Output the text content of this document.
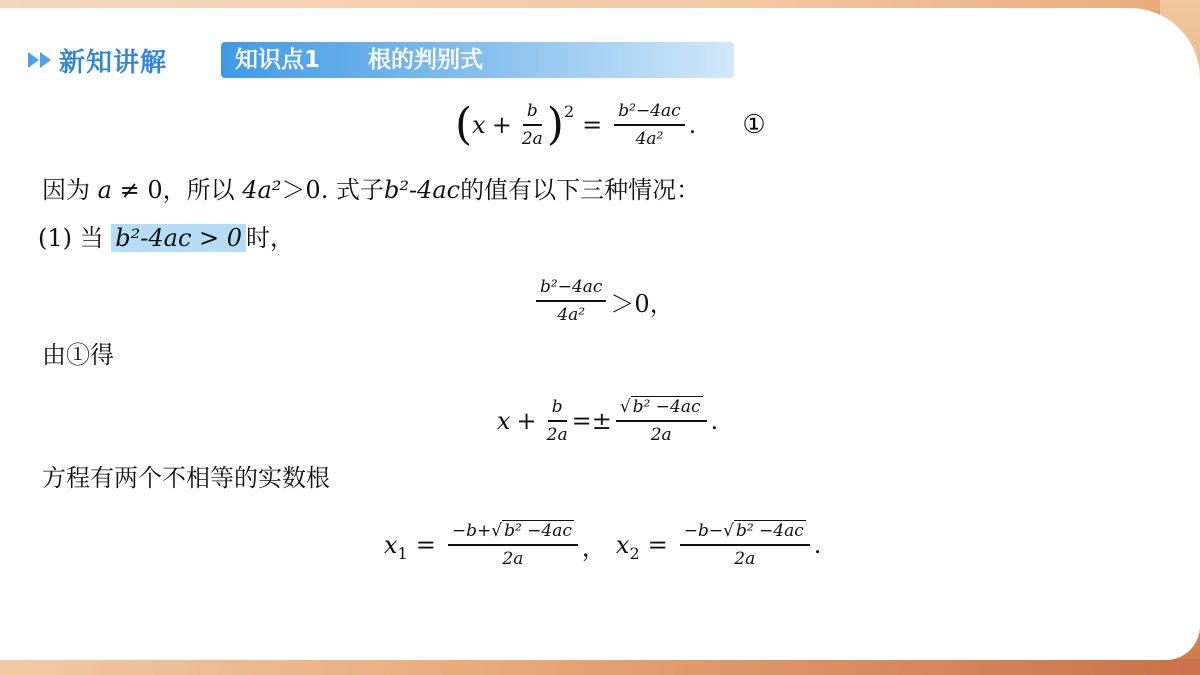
新知讲解	知识点1 根的判别式
( $x + \frac{b}{2a}$ ) $2 = \frac{\text{b²−4ac}}{\text{4a²}}$ . ①
因为 a ≠ 0，所以 4a²＞0. 式子b²-4ac的值有以下三种情况：
(1) 当 b²-4ac > 0 时，
$\frac{\text{b²−4ac}}{\text{4a²}} >0$，
由①得
$x + \frac{b}{2a} =\pm \frac{\text{√ b² −4ac}}{2a}$ .
方程有两个不相等的实数根
x $1 = \frac{\text{−b+√ b² −4ac}}{2a}$ ， x $2 = \frac{\text{−b−√ b² −4ac}}{2a}$ .
